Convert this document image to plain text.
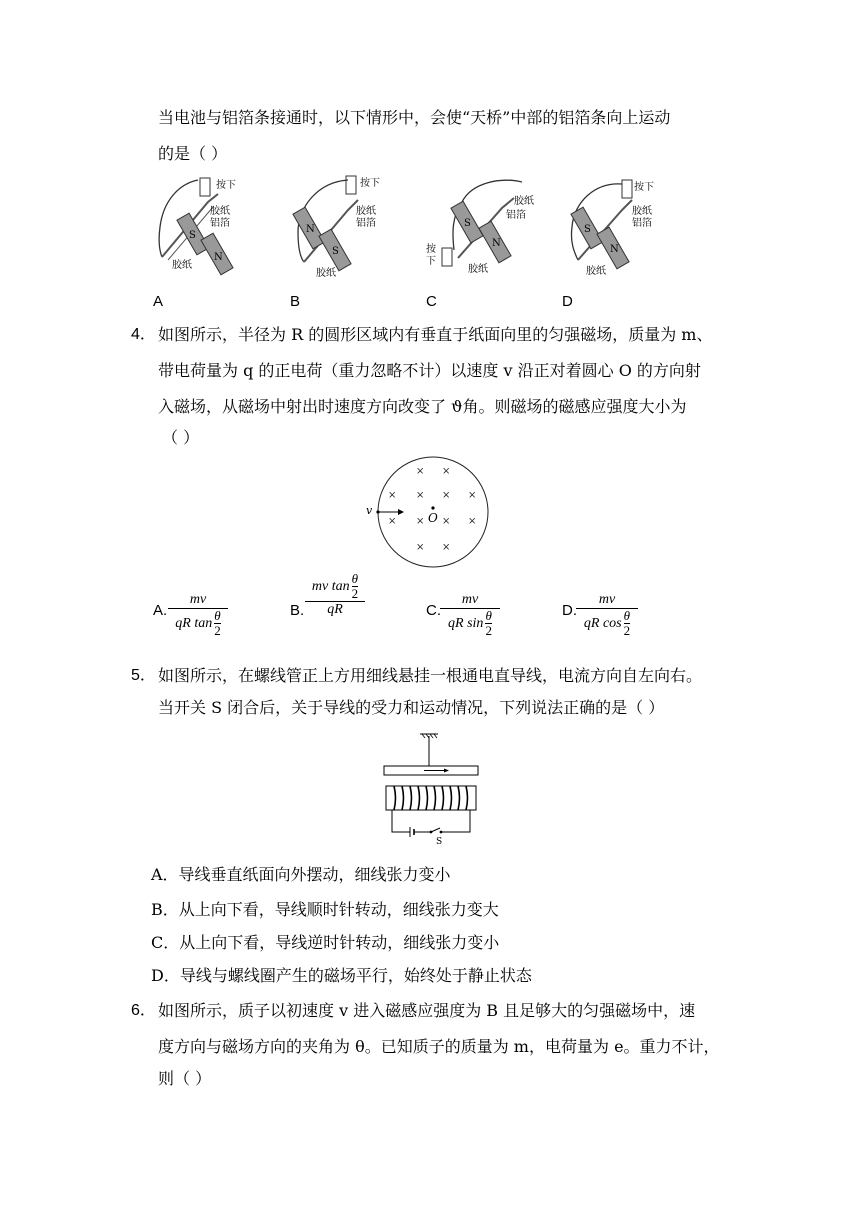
当电池与铝箔条接通时，以下情形中，会使“天桥”中部的铝箔条向上运动
的是（ ）
按下
胶纸
铝箔
胶纸
S
N
按下
胶纸
铝箔
胶纸
N
S
胶纸
铝箔
胶纸
按
下
S
N
按下
胶纸
铝箔
胶纸
S
N
A	B	C	D
4． 如图所示，半径为 R 的圆形区域内有垂直于纸面向里的匀强磁场，质量为 m、
带电荷量为 q 的正电荷（重力忽略不计）以速度 v 沿正对着圆心 O 的方向射
入磁场，从磁场中射出时速度方向改变了 ϑ角。则磁场的磁感应强度大小为
（ ）
× ×
× × × ×
× × × ×
× ×
O
v
A.
mv
qR tan θ
2
B.
mv tan θ
2
qR	C.
mv
qR sin θ
2
D.
mv
qR cos θ
2
5． 如图所示，在螺线管正上方用细线悬挂一根通电直导线，电流方向自左向右。
当开关 S 闭合后，关于导线的受力和运动情况，下列说法正确的是（ ）
S
A．导线垂直纸面向外摆动，细线张力变小
B．从上向下看，导线顺时针转动，细线张力变大
C．从上向下看，导线逆时针转动，细线张力变小
D．导线与螺线圈产生的磁场平行，始终处于静止状态
6． 如图所示，质子以初速度 v 进入磁感应强度为 B 且足够大的匀强磁场中，速
度方向与磁场方向的夹角为 θ。已知质子的质量为 m，电荷量为 e。重力不计，
则（ ）
